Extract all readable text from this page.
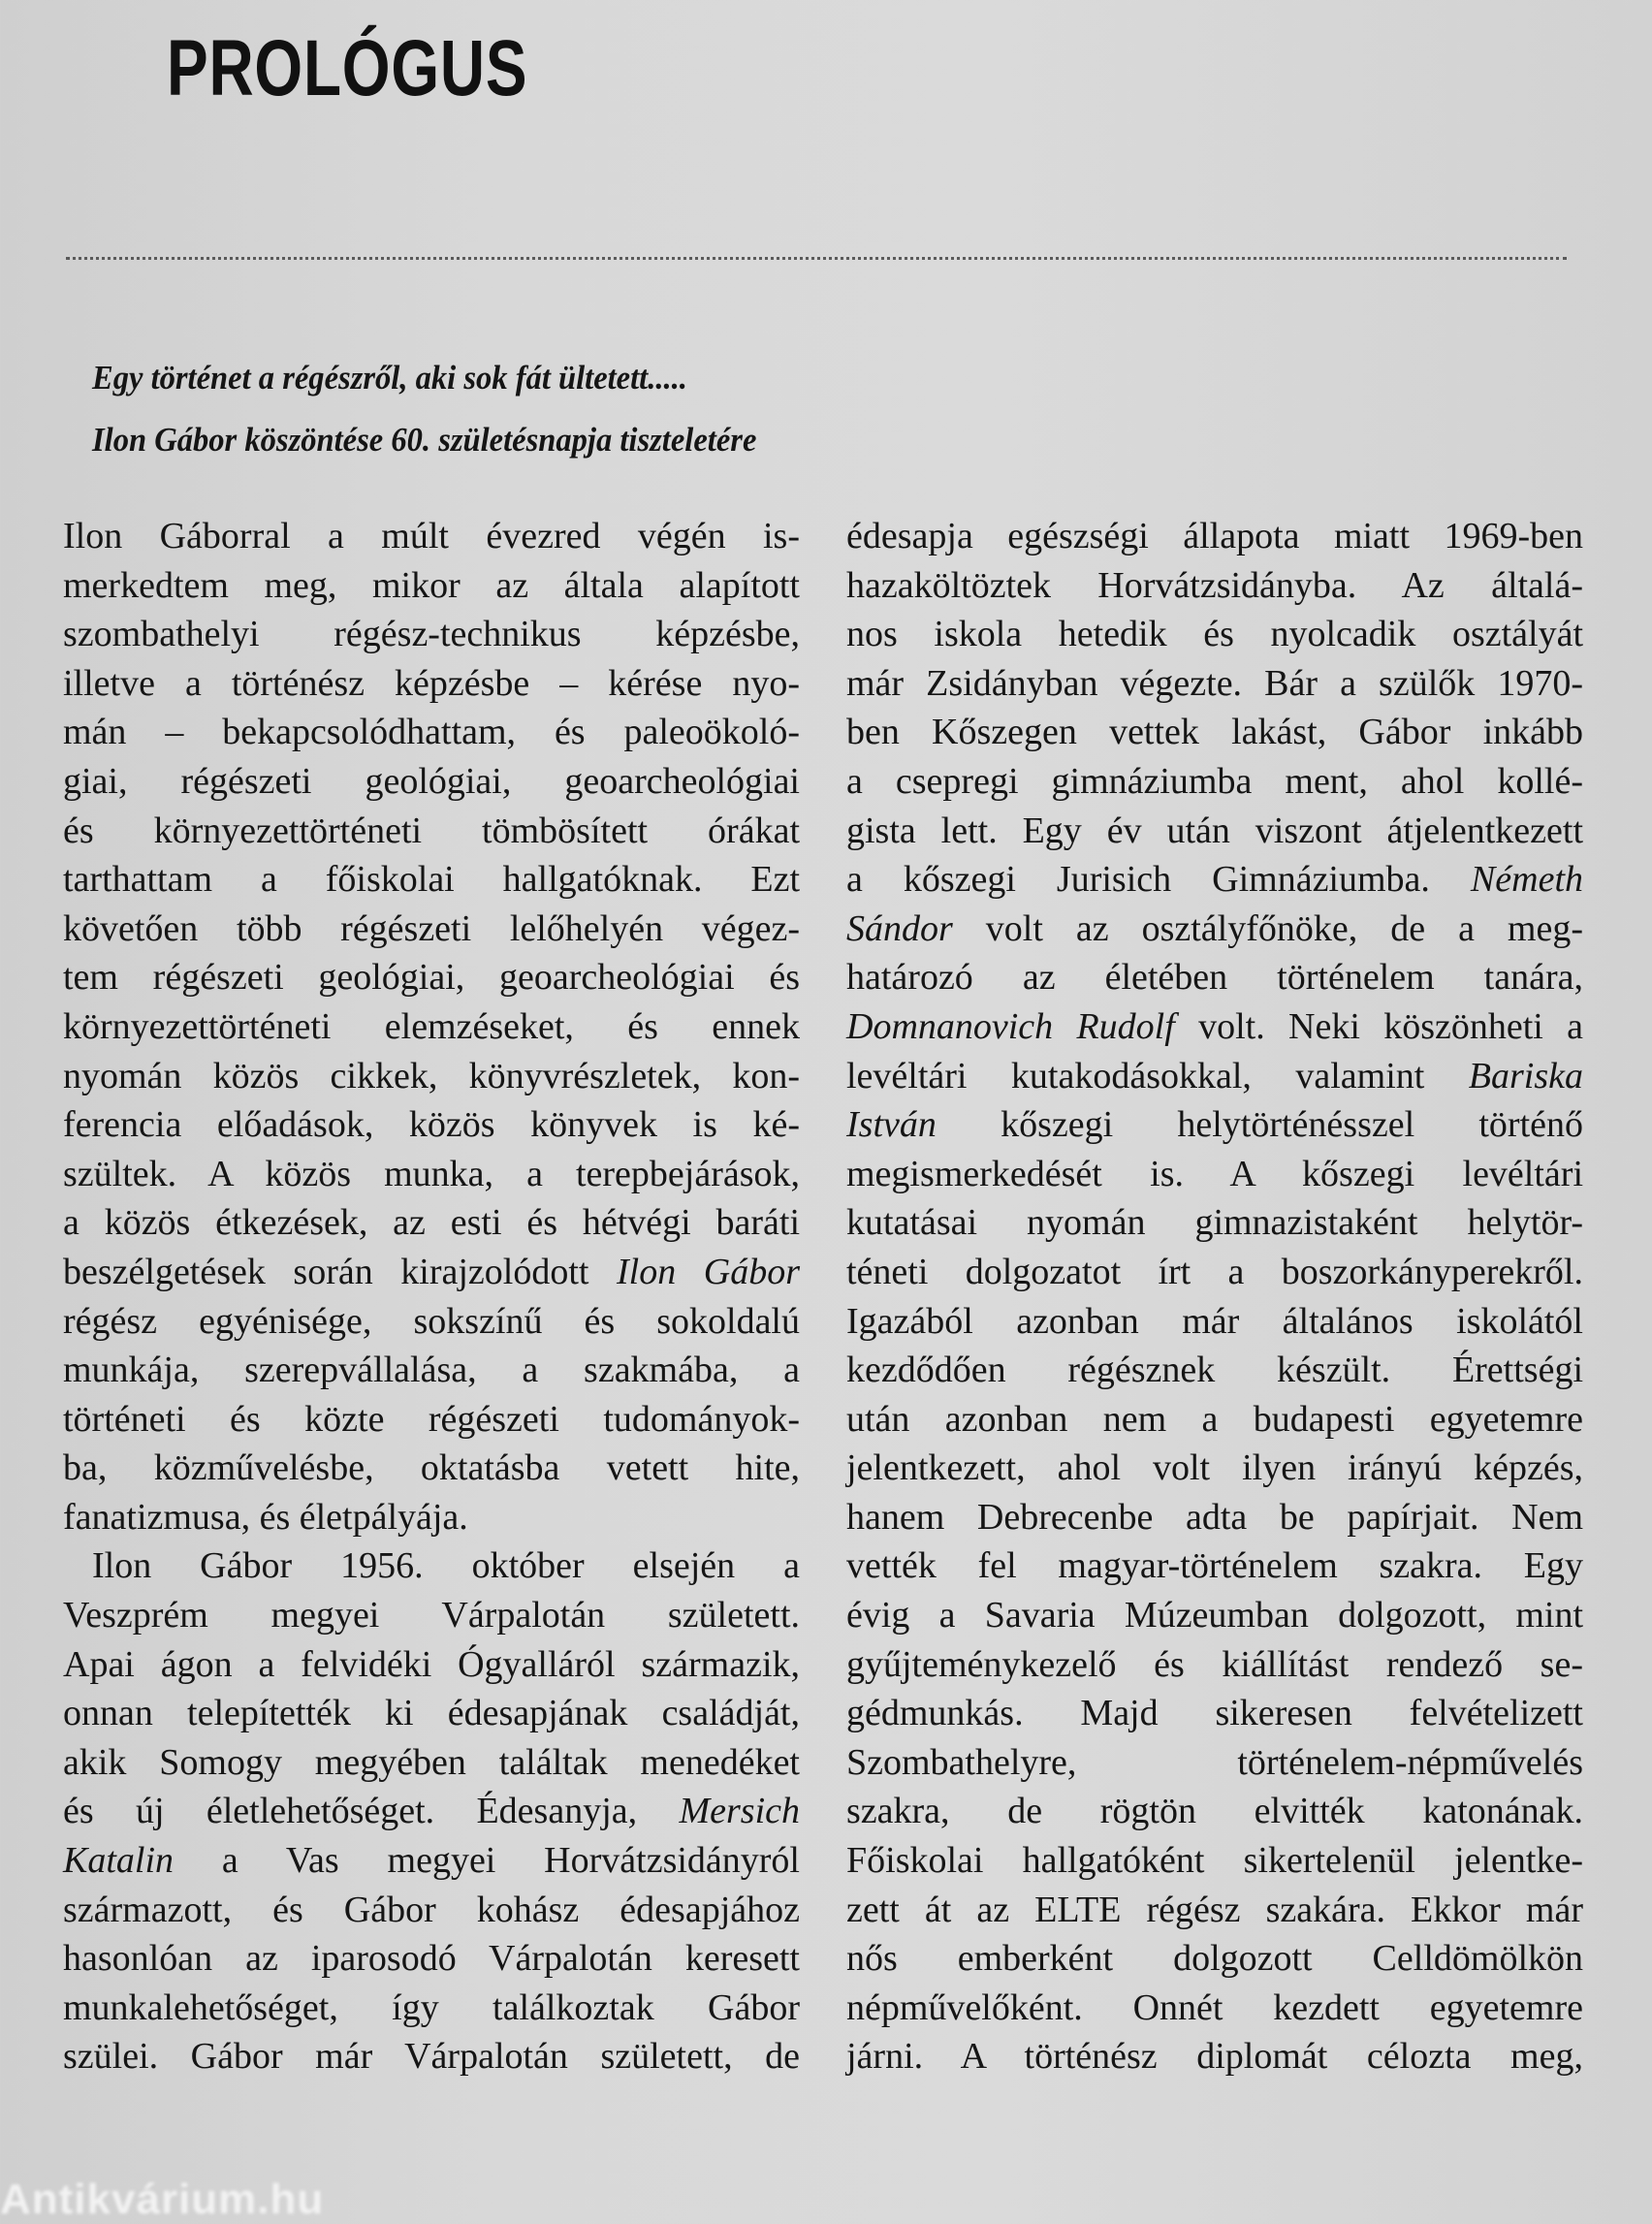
PROLÓGUS
Egy történet a régészről, aki sok fát ültetett.....
Ilon Gábor köszöntése 60. születésnapja tiszteletére
Ilon Gáborral a múlt évezred végén is-
merkedtem meg, mikor az általa alapított
szombathelyi régész-technikus képzésbe,
illetve a történész képzésbe – kérése nyo-
mán – bekapcsolódhattam, és paleoökoló-
giai, régészeti geológiai, geoarcheológiai
és környezettörténeti tömbösített órákat
tarthattam a főiskolai hallgatóknak. Ezt
követően több régészeti lelőhelyén végez-
tem régészeti geológiai, geoarcheológiai és
környezettörténeti elemzéseket, és ennek
nyomán közös cikkek, könyvrészletek, kon-
ferencia előadások, közös könyvek is ké-
szültek. A közös munka, a terepbejárások,
a közös étkezések, az esti és hétvégi baráti
beszélgetések során kirajzolódott Ilon Gábor
régész egyénisége, sokszínű és sokoldalú
munkája, szerepvállalása, a szakmába, a
történeti és közte régészeti tudományok-
ba, közművelésbe, oktatásba vetett hite,
fanatizmusa, és életpályája.
Ilon Gábor 1956. október elsején a
Veszprém megyei Várpalotán született.
Apai ágon a felvidéki Ógyalláról származik,
onnan telepítették ki édesapjának családját,
akik Somogy megyében találtak menedéket
és új életlehetőséget. Édesanyja, Mersich
Katalin a Vas megyei Horvátzsidányról
származott, és Gábor kohász édesapjához
hasonlóan az iparosodó Várpalotán keresett
munkalehetőséget, így találkoztak Gábor
szülei. Gábor már Várpalotán született, de
édesapja egészségi állapota miatt 1969-ben
hazaköltöztek Horvátzsidányba. Az általá-
nos iskola hetedik és nyolcadik osztályát
már Zsidányban végezte. Bár a szülők 1970-
ben Kőszegen vettek lakást, Gábor inkább
a csepregi gimnáziumba ment, ahol kollé-
gista lett. Egy év után viszont átjelentkezett
a kőszegi Jurisich Gimnáziumba. Németh
Sándor volt az osztályfőnöke, de a meg-
határozó az életében történelem tanára,
Domnanovich Rudolf volt. Neki köszönheti a
levéltári kutakodásokkal, valamint Bariska
István kőszegi helytörténésszel történő
megismerkedését is. A kőszegi levéltári
kutatásai nyomán gimnazistaként helytör-
téneti dolgozatot írt a boszorkányperekről.
Igazából azonban már általános iskolától
kezdődően régésznek készült. Érettségi
után azonban nem a budapesti egyetemre
jelentkezett, ahol volt ilyen irányú képzés,
hanem Debrecenbe adta be papírjait. Nem
vették fel magyar-történelem szakra. Egy
évig a Savaria Múzeumban dolgozott, mint
gyűjteménykezelő és kiállítást rendező se-
gédmunkás. Majd sikeresen felvételizett
Szombathelyre, történelem-népművelés
szakra, de rögtön elvitték katonának.
Főiskolai hallgatóként sikertelenül jelentke-
zett át az ELTE régész szakára. Ekkor már
nős emberként dolgozott Celldömölkön
népművelőként. Onnét kezdett egyetemre
járni. A történész diplomát célozta meg,
Antikvárium.hu
